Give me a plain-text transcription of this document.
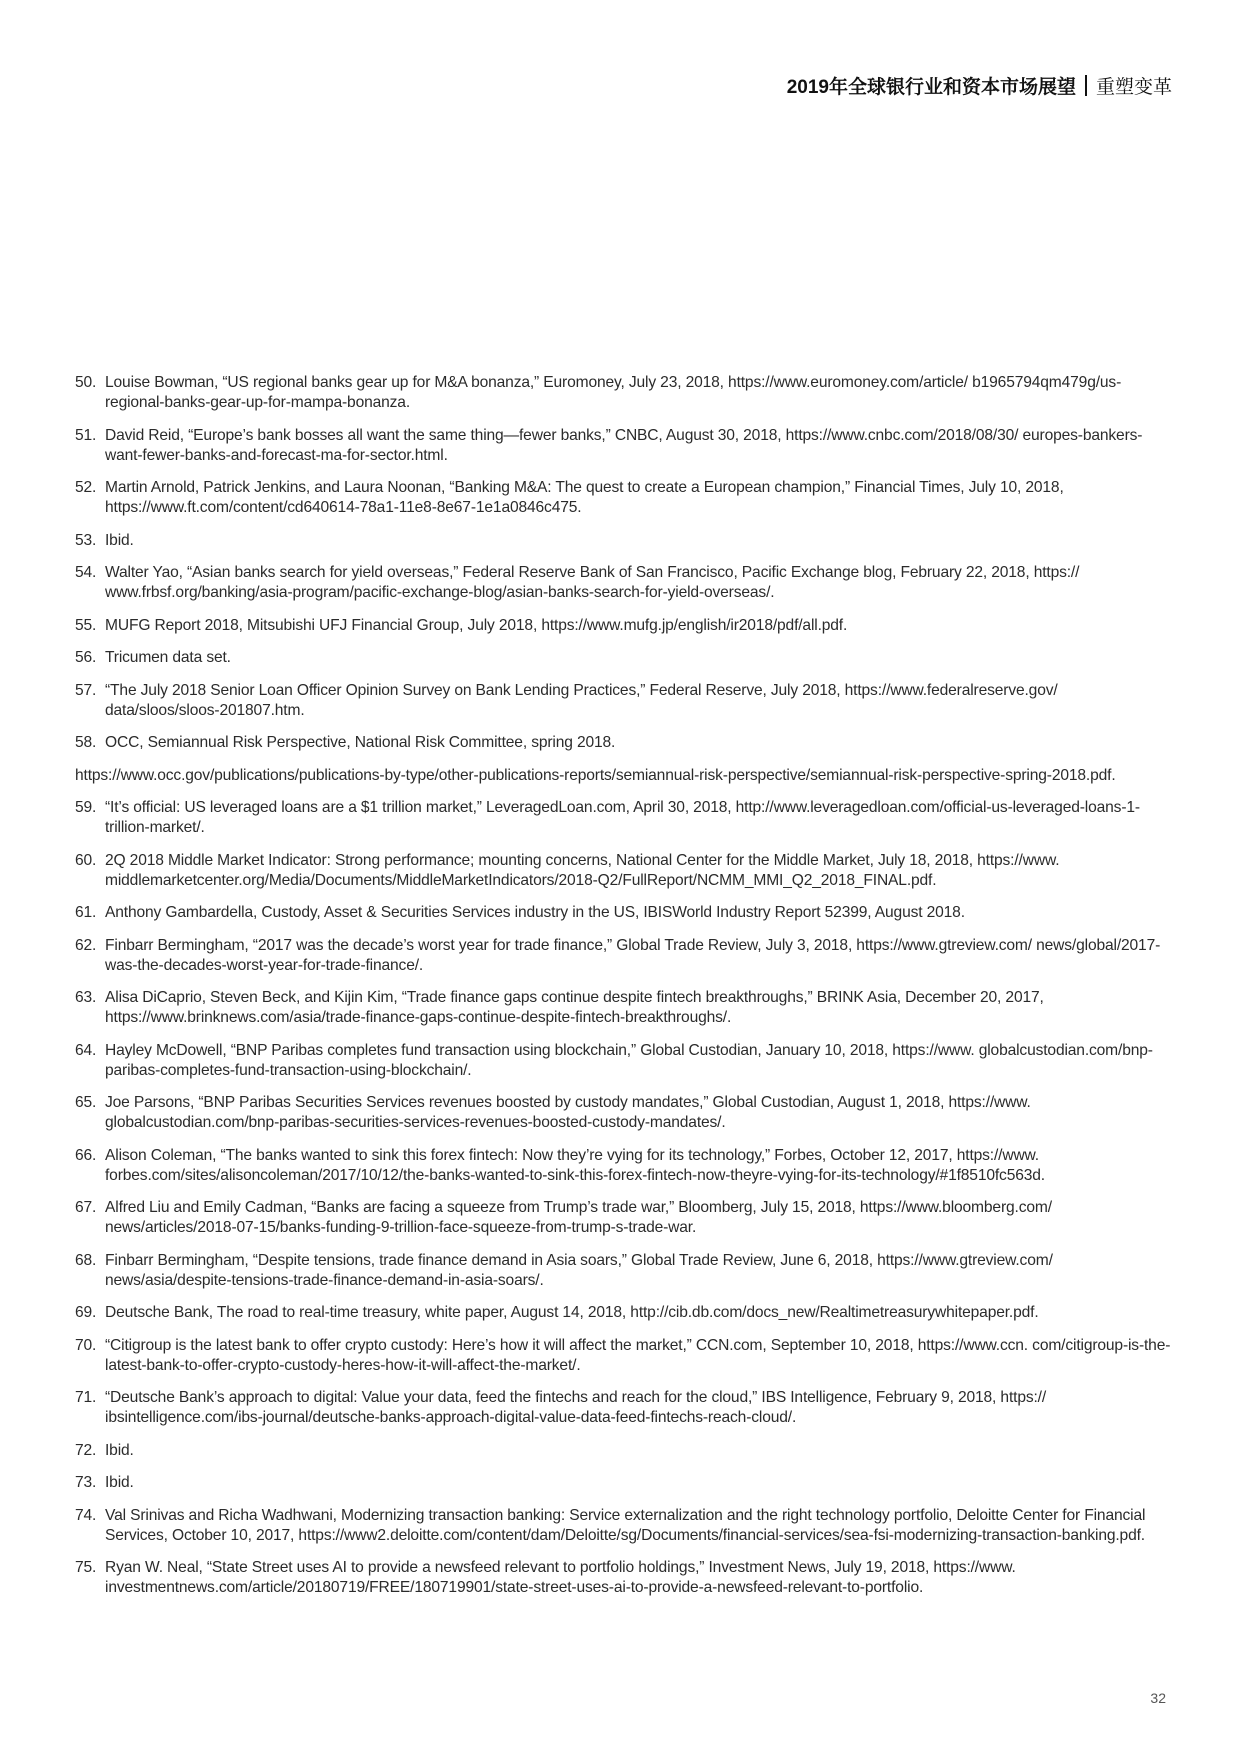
2019年全球银行业和资本市场展望 重塑变革
50. Louise Bowman, “US regional banks gear up for M&A bonanza,” Euromoney, July 23, 2018, https://www.euromoney.com/article/ b1965794qm479g/us-regional-banks-gear-up-for-mampa-bonanza.
51. David Reid, “Europe’s bank bosses all want the same thing—fewer banks,” CNBC, August 30, 2018, https://www.cnbc.com/2018/08/30/ europes-bankers-want-fewer-banks-and-forecast-ma-for-sector.html.
52. Martin Arnold, Patrick Jenkins, and Laura Noonan, “Banking M&A: The quest to create a European champion,” Financial Times, July 10, 2018, https://www.ft.com/content/cd640614-78a1-11e8-8e67-1e1a0846c475.
53. Ibid.
54. Walter Yao, “Asian banks search for yield overseas,” Federal Reserve Bank of San Francisco, Pacific Exchange blog, February 22, 2018, https:// www.frbsf.org/banking/asia-program/pacific-exchange-blog/asian-banks-search-for-yield-overseas/.
55. MUFG Report 2018, Mitsubishi UFJ Financial Group, July 2018, https://www.mufg.jp/english/ir2018/pdf/all.pdf.
56. Tricumen data set.
57. “The July 2018 Senior Loan Officer Opinion Survey on Bank Lending Practices,” Federal Reserve, July 2018, https://www.federalreserve.gov/ data/sloos/sloos-201807.htm.
58. OCC, Semiannual Risk Perspective, National Risk Committee, spring 2018.
https://www.occ.gov/publications/publications-by-type/other-publications-reports/semiannual-risk-perspective/semiannual-risk-perspective-spring-2018.pdf.
59. “It’s official: US leveraged loans are a $1 trillion market,” LeveragedLoan.com, April 30, 2018, http://www.leveragedloan.com/official-us-leveraged-loans-1-trillion-market/.
60. 2Q 2018 Middle Market Indicator: Strong performance; mounting concerns, National Center for the Middle Market, July 18, 2018, https://www. middlemarketcenter.org/Media/Documents/MiddleMarketIndicators/2018-Q2/FullReport/NCMM_MMI_Q2_2018_FINAL.pdf.
61. Anthony Gambardella, Custody, Asset & Securities Services industry in the US, IBISWorld Industry Report 52399, August 2018.
62. Finbarr Bermingham, “2017 was the decade’s worst year for trade finance,” Global Trade Review, July 3, 2018, https://www.gtreview.com/ news/global/2017-was-the-decades-worst-year-for-trade-finance/.
63. Alisa DiCaprio, Steven Beck, and Kijin Kim, “Trade finance gaps continue despite fintech breakthroughs,” BRINK Asia, December 20, 2017, https://www.brinknews.com/asia/trade-finance-gaps-continue-despite-fintech-breakthroughs/.
64. Hayley McDowell, “BNP Paribas completes fund transaction using blockchain,” Global Custodian, January 10, 2018, https://www. globalcustodian.com/bnp-paribas-completes-fund-transaction-using-blockchain/.
65. Joe Parsons, “BNP Paribas Securities Services revenues boosted by custody mandates,” Global Custodian, August 1, 2018, https://www. globalcustodian.com/bnp-paribas-securities-services-revenues-boosted-custody-mandates/.
66. Alison Coleman, “The banks wanted to sink this forex fintech: Now they’re vying for its technology,” Forbes, October 12, 2017, https://www. forbes.com/sites/alisoncoleman/2017/10/12/the-banks-wanted-to-sink-this-forex-fintech-now-theyre-vying-for-its-technology/#1f8510fc563d.
67. Alfred Liu and Emily Cadman, “Banks are facing a squeeze from Trump’s trade war,” Bloomberg, July 15, 2018, https://www.bloomberg.com/ news/articles/2018-07-15/banks-funding-9-trillion-face-squeeze-from-trump-s-trade-war.
68. Finbarr Bermingham, “Despite tensions, trade finance demand in Asia soars,” Global Trade Review, June 6, 2018, https://www.gtreview.com/ news/asia/despite-tensions-trade-finance-demand-in-asia-soars/.
69. Deutsche Bank, The road to real-time treasury, white paper, August 14, 2018, http://cib.db.com/docs_new/Realtimetreasurywhitepaper.pdf.
70. “Citigroup is the latest bank to offer crypto custody: Here’s how it will affect the market,” CCN.com, September 10, 2018, https://www.ccn. com/citigroup-is-the-latest-bank-to-offer-crypto-custody-heres-how-it-will-affect-the-market/.
71. “Deutsche Bank’s approach to digital: Value your data, feed the fintechs and reach for the cloud,” IBS Intelligence, February 9, 2018, https:// ibsintelligence.com/ibs-journal/deutsche-banks-approach-digital-value-data-feed-fintechs-reach-cloud/.
72. Ibid.
73. Ibid.
74. Val Srinivas and Richa Wadhwani, Modernizing transaction banking: Service externalization and the right technology portfolio, Deloitte Center for Financial Services, October 10, 2017, https://www2.deloitte.com/content/dam/Deloitte/sg/Documents/financial-services/sea-fsi-modernizing-transaction-banking.pdf.
75. Ryan W. Neal, “State Street uses AI to provide a newsfeed relevant to portfolio holdings,” Investment News, July 19, 2018, https://www. investmentnews.com/article/20180719/FREE/180719901/state-street-uses-ai-to-provide-a-newsfeed-relevant-to-portfolio.
32
